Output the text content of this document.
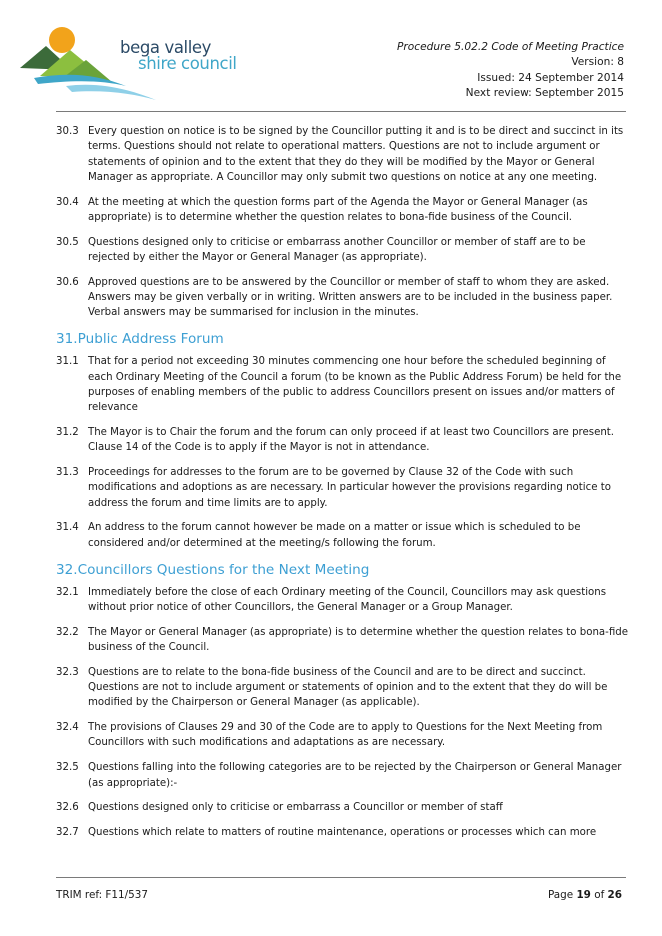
bega valley
shire council
Procedure 5.02.2 Code of Meeting Practice
Version: 8
Issued: 24 September 2014
Next review: September 2015
30.3 Every question on notice is to be signed by the Councillor putting it and is to be direct and succinct in its terms. Questions should not relate to operational matters. Questions are not to include argument or statements of opinion and to the extent that they do they will be modified by the Mayor or General Manager as appropriate. A Councillor may only submit two questions on notice at any one meeting.
30.4 At the meeting at which the question forms part of the Agenda the Mayor or General Manager (as appropriate) is to determine whether the question relates to bona-fide business of the Council.
30.5 Questions designed only to criticise or embarrass another Councillor or member of staff are to be rejected by either the Mayor or General Manager (as appropriate).
30.6 Approved questions are to be answered by the Councillor or member of staff to whom they are asked. Answers may be given verbally or in writing. Written answers are to be included in the business paper. Verbal answers may be summarised for inclusion in the minutes.
31.Public Address Forum
31.1 That for a period not exceeding 30 minutes commencing one hour before the scheduled beginning of each Ordinary Meeting of the Council a forum (to be known as the Public Address Forum) be held for the purposes of enabling members of the public to address Councillors present on issues and/or matters of relevance
31.2 The Mayor is to Chair the forum and the forum can only proceed if at least two Councillors are present. Clause 14 of the Code is to apply if the Mayor is not in attendance.
31.3 Proceedings for addresses to the forum are to be governed by Clause 32 of the Code with such modifications and adoptions as are necessary. In particular however the provisions regarding notice to address the forum and time limits are to apply.
31.4 An address to the forum cannot however be made on a matter or issue which is scheduled to be considered and/or determined at the meeting/s following the forum.
32.Councillors Questions for the Next Meeting
32.1 Immediately before the close of each Ordinary meeting of the Council, Councillors may ask questions without prior notice of other Councillors, the General Manager or a Group Manager.
32.2 The Mayor or General Manager (as appropriate) is to determine whether the question relates to bona-fide business of the Council.
32.3 Questions are to relate to the bona-fide business of the Council and are to be direct and succinct. Questions are not to include argument or statements of opinion and to the extent that they do will be modified by the Chairperson or General Manager (as applicable).
32.4 The provisions of Clauses 29 and 30 of the Code are to apply to Questions for the Next Meeting from Councillors with such modifications and adaptations as are necessary.
32.5 Questions falling into the following categories are to be rejected by the Chairperson or General Manager (as appropriate):-
32.6 Questions designed only to criticise or embarrass a Councillor or member of staff
32.7 Questions which relate to matters of routine maintenance, operations or processes which can more
TRIM ref: F11/537	Page 19 of 26
